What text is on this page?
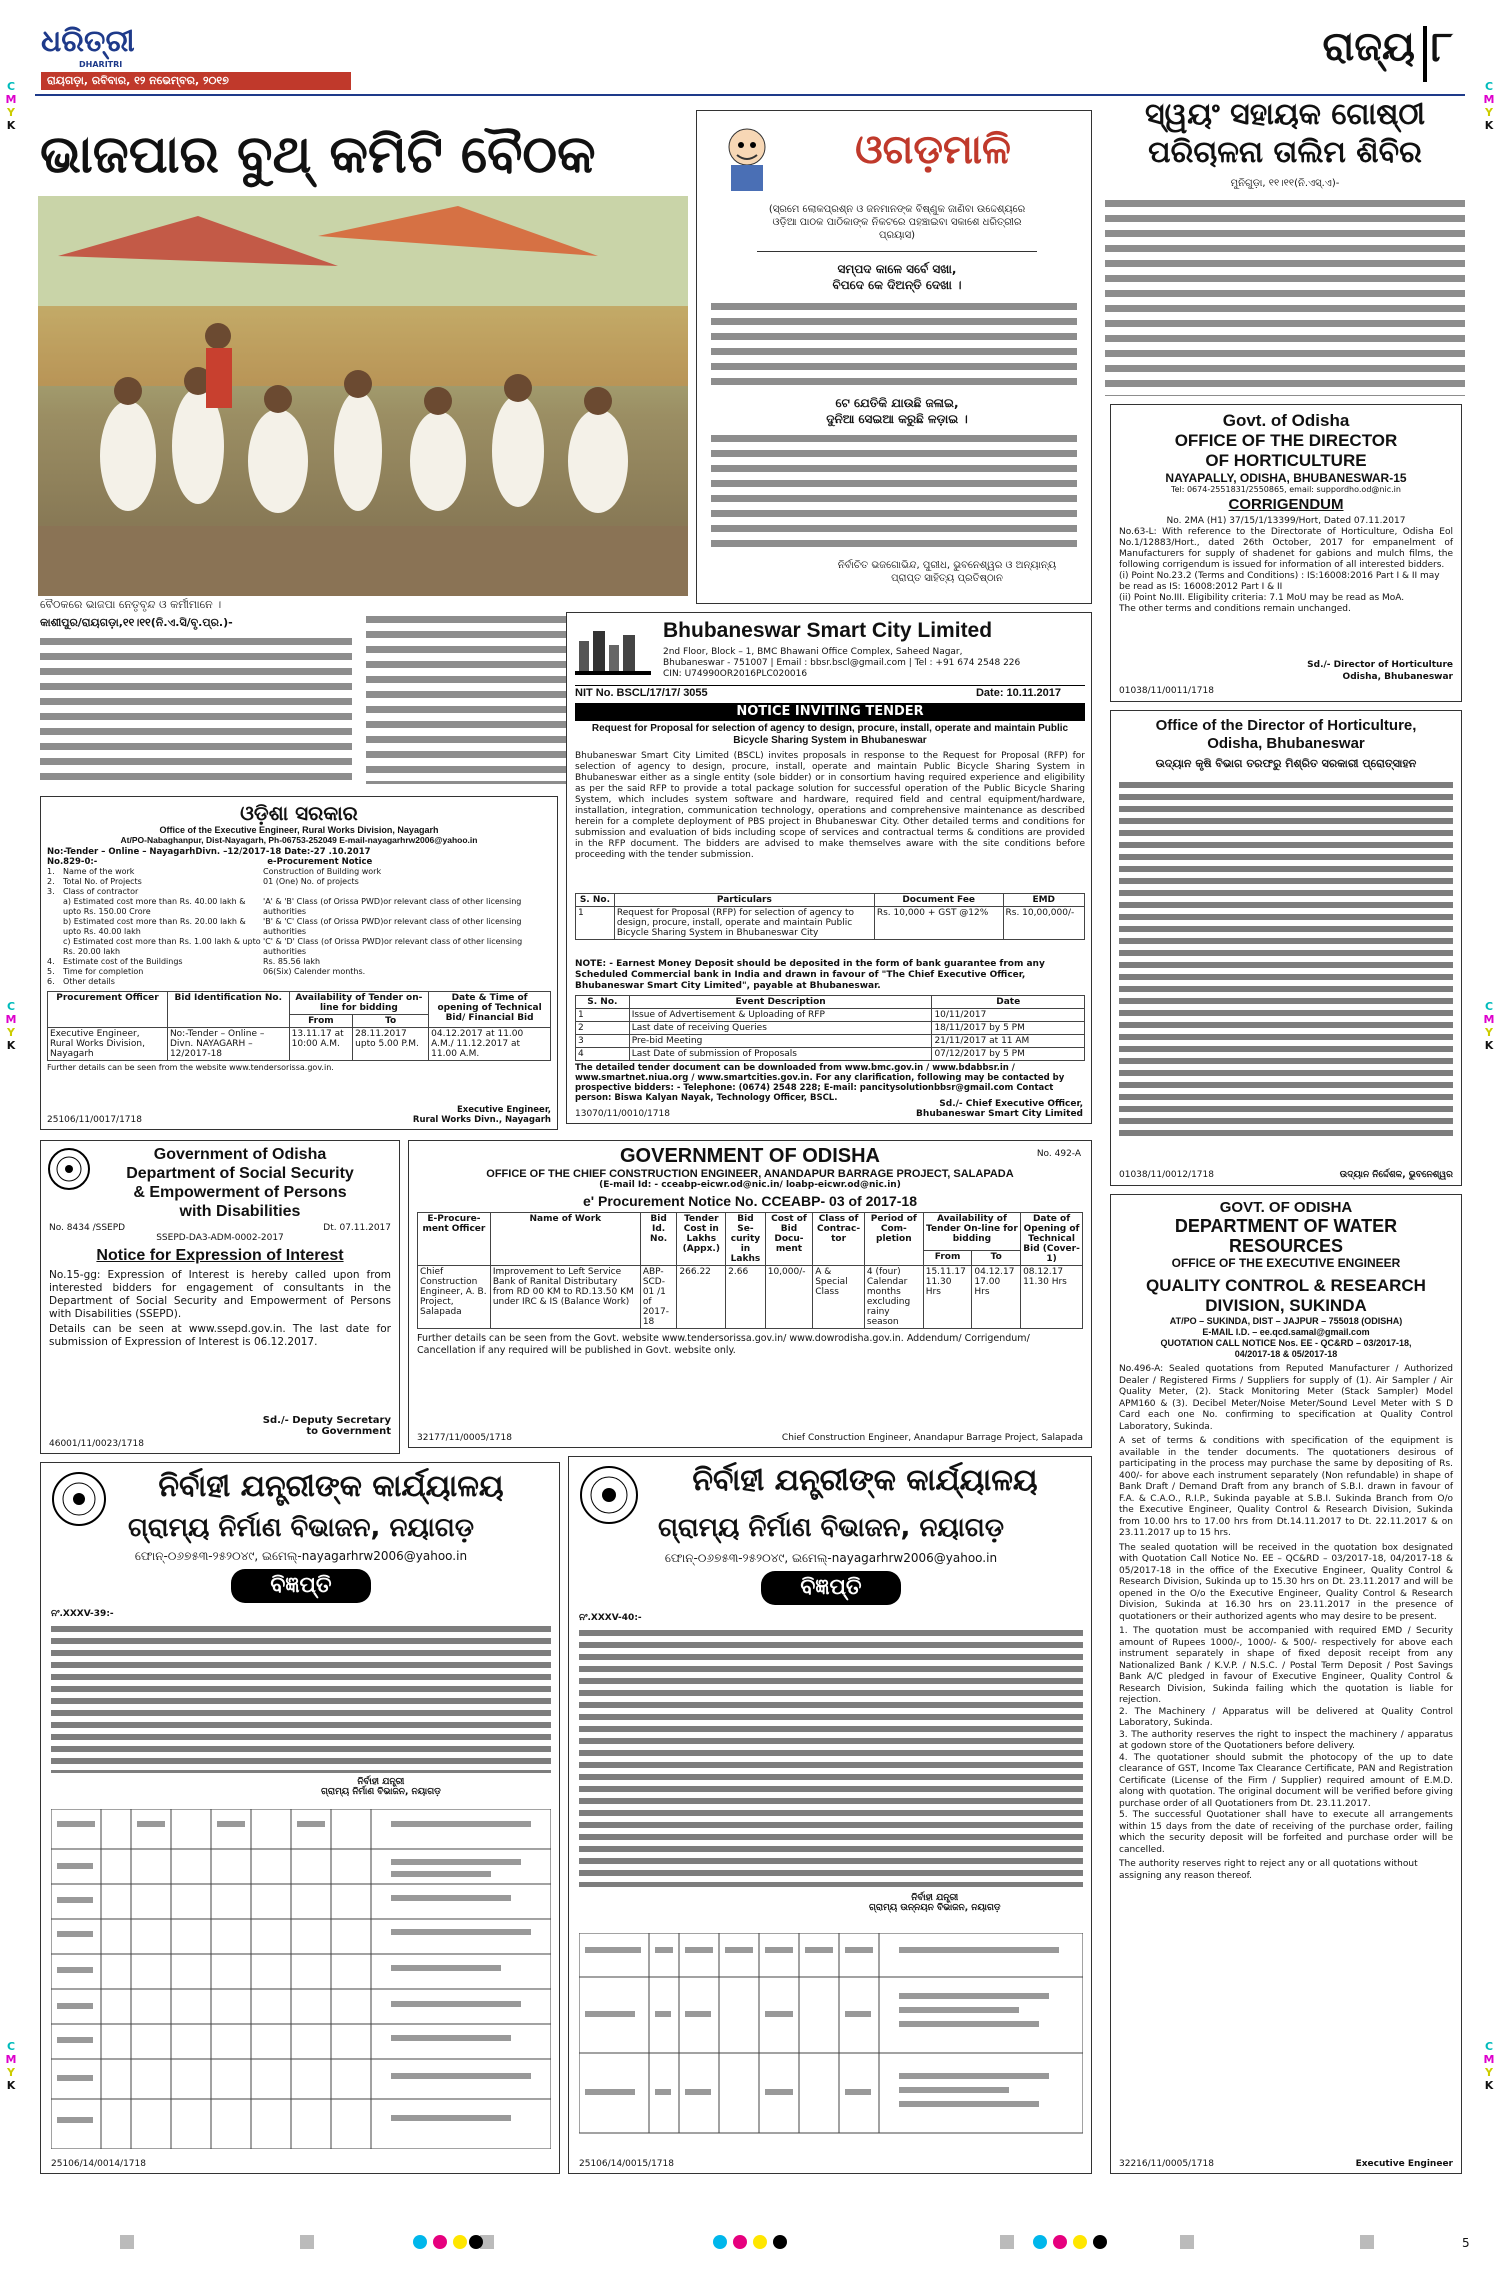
ଧରିତ୍ରୀ
DHARITRI
ରାୟଗଡ଼ା, ରବିବାର, ୧୨ ନଭେମ୍ବର, ୨୦୧୭
ରାଜ୍ୟ ୮
C
M
Y
K
C
M
Y
K
C
M
Y
K
C
M
Y
K
C
M
Y
K
C
M
Y
K
ଭାଜପାର ବୁଥ୍ କମିଟି ବୈଠକ
ବୈଠକରେ ଭାଜପା ନେତୃବୃନ୍ଦ ଓ କର୍ମୀମାନେ ।
କାଶୀପୁର/ରାୟଗଡ଼ା,୧୧।୧୧(ନି.ଏ.ସି/ବୃ.ପ୍ର.)-
ଓଗଡ଼ମାଳି
(ସ୍ରମେ ଲୋକପ୍ରଶ୍ନ ଓ ଜନମାନଙ୍କ ବିଷ୍ଣୁକ ଜାଣିବା ଉଦ୍ଦେଶ୍ୟରେ ଓଡ଼ିଆ ପାଠକ ପାଠିକାଙ୍କ ନିକଟରେ ପହଞ୍ଚାଇବା ସକାଶେ ଧରିତ୍ରୀର ପ୍ରୟାସ)
ସମ୍ପଦ କାଳେ ସର୍ବେ ସଖା,
ବିପଦେ କେ ଦିଅନ୍ତି ଦେଖା ।
ଟେ ଯେତିକି ଯାଉଛି ଜଳାଇ,
ଦୁନିଆ ସେଇଆ କରୁଛି ଳଡ଼ାଇ ।
ନିର୍ବାଚିତ ଭଜଗୋଭିନ୍ଦ, ପୁରୀଧ, ଭୁବନେଶ୍ୱର ଓ ଅନ୍ୟାନ୍ୟ
ପ୍ରାପ୍ତ ସାହିତ୍ୟ ପ୍ରତିଷ୍ଠାନ
ସ୍ୱୟଂ ସହାୟକ ଗୋଷ୍ଠୀ
ପରିଚାଳନା ତାଲିମ ଶିବିର
ମୁନିଗୁଡ଼ା, ୧୧।୧୧(ନି.ଏସ୍.ଏ)-
Govt. of Odisha
OFFICE OF THE DIRECTOR
OF HORTICULTURE
NAYAPALLY, ODISHA, BHUBANESWAR-15
Tel: 0674-2551831/2550865, email: suppordho.od@nic.in
CORRIGENDUM
No. 2MA (H1) 37/15/1/13399/Hort, Dated 07.11.2017
No.63-L: With reference to the Directorate of Horticulture, Odisha Eol No.1/12883/Hort., dated 26th October, 2017 for empanelment of Manufacturers for supply of shadenet for gabions and mulch films, the following corrigendum is issued for information of all interested bidders.
(i) Point No.23.2 (Terms and Conditions) : IS:16008:2016 Part I & II may be read as IS: 16008:2012 Part I & II
(ii) Point No.III. Eligibility criteria: 7.1 MoU may be read as MoA.
The other terms and conditions remain unchanged.
Sd./- Director of Horticulture
Odisha, Bhubaneswar
01038/11/0011/1718
Office of the Director of Horticulture,
Odisha, Bhubaneswar
ଉଦ୍ୟାନ କୃଷି ବିଭାଗ ତରଫରୁ ମିଶ୍ରିତ ସରକାରୀ ପ୍ରୋତ୍ସାହନ
01038/11/0012/1718	ଉଦ୍ୟାନ ନିର୍ଦ୍ଦେଶକ, ଭୁବନେଶ୍ୱର
Bhubaneswar Smart City Limited
2nd Floor, Block – 1, BMC Bhawani Office Complex, Saheed Nagar,
Bhubaneswar - 751007 | Email : bbsr.bscl@gmail.com | Tel : +91 674 2548 226
CIN: U74990OR2016PLC020016
NIT No. BSCL/17/17/ 3055	Date: 10.11.2017
NOTICE INVITING TENDER
Request for Proposal for selection of agency to design, procure, install, operate and maintain Public Bicycle Sharing System in Bhubaneswar
Bhubaneswar Smart City Limited (BSCL) invites proposals in response to the Request for Proposal (RFP) for selection of agency to design, procure, install, operate and maintain Public Bicycle Sharing System in Bhubaneswar either as a single entity (sole bidder) or in consortium having required experience and eligibility as per the said RFP to provide a total package solution for successful operation of the Public Bicycle Sharing System, which includes system software and hardware, required field and central equipment/hardware, installation, integration, communication technology, operations and comprehensive maintenance as described herein for a complete deployment of PBS project in Bhubaneswar City. Other detailed terms and conditions for submission and evaluation of bids including scope of services and contractual terms & conditions are provided in the RFP document. The bidders are advised to make themselves aware with the site conditions before proceeding with the tender submission.
S. No.	Particulars	Document Fee	EMD
1	Request for Proposal (RFP) for selection of agency to design, procure, install, operate and maintain Public Bicycle Sharing System in Bhubaneswar City	Rs. 10,000 + GST @12%	Rs. 10,00,000/-
NOTE: - Earnest Money Deposit should be deposited in the form of bank guarantee from any Scheduled Commercial bank in India and drawn in favour of "The Chief Executive Officer, Bhubaneswar Smart City Limited", payable at Bhubaneswar.
S. No.	Event Description	Date
1	Issue of Advertisement & Uploading of RFP	10/11/2017
2	Last date of receiving Queries	18/11/2017 by 5 PM
3	Pre-bid Meeting	21/11/2017 at 11 AM
4	Last Date of submission of Proposals	07/12/2017 by 5 PM
The detailed tender document can be downloaded from www.bmc.gov.in / www.bdabbsr.in / www.smartnet.niua.org / www.smartcities.gov.in. For any clarification, following may be contacted by prospective bidders: - Telephone: (0674) 2548 228; E-mail: pancitysolutionbbsr@gmail.com Contact person: Biswa Kalyan Nayak, Technology Officer, BSCL.
13070/11/0010/1718
Sd./- Chief Executive Officer,
Bhubaneswar Smart City Limited
ଓଡ଼ିଶା ସରକାର
Office of the Executive Engineer, Rural Works Division, Nayagarh
At/PO-Nabaghanpur, Dist-Nayagarh, Ph-06753-252049 E-mail-nayagarhrw2006@yahoo.in
No:-Tender – Online – NayagarhDivn. –12/2017-18 Date:-27 .10.2017
No.829-0:-	e-Procurement Notice
1.	Name of the work	Construction of Building work
2.	Total No. of Projects	01 (One) No. of projects
3.	Class of contractor
a) Estimated cost more than Rs. 40.00 lakh & upto Rs. 150.00 Crore
'A' & 'B' Class (of Orissa PWD)or relevant class of other licensing authorities
b) Estimated cost more than Rs. 20.00 lakh & upto Rs. 40.00 lakh
'B' & 'C' Class (of Orissa PWD)or relevant class of other licensing authorities
c) Estimated cost more than Rs. 1.00 lakh & upto Rs. 20.00 lakh
'C' & 'D' Class (of Orissa PWD)or relevant class of other licensing authorities
4.	Estimate cost of the Buildings	Rs. 85.56 lakh
5.	Time for completion	06(Six) Calender months.
6.	Other details
Procurement Officer	Bid Identification No.	Availability of Tender on-line for bidding		Date & Time of opening of Technical Bid/ Financial Bid
		From	To	
Executive Engineer, Rural Works Division, Nayagarh	No:-Tender – Online – Divn. NAYAGARH – 12/2017-18	13.11.17 at 10:00 A.M.	28.11.2017 upto 5.00 P.M.	04.12.2017 at 11.00 A.M./ 11.12.2017 at 11.00 A.M.
Further details can be seen from the website www.tendersorissa.gov.in.
25106/11/0017/1718
Executive Engineer,
Rural Works Divn., Nayagarh
Government of Odisha
Department of Social Security
& Empowerment of Persons
with Disabilities
No. 8434 /SSEPD	Dt. 07.11.2017
SSEPD-DA3-ADM-0002-2017
Notice for Expression of Interest
No.15-gg: Expression of Interest is hereby called upon from interested bidders for engagement of consultants in the Department of Social Security and Empowerment of Persons with Disabilities (SSEPD).
Details can be seen at www.ssepd.gov.in. The last date for submission of Expression of Interest is 06.12.2017.
Sd./- Deputy Secretary
to Government
46001/11/0023/1718
GOVERNMENT OF ODISHA	No. 492-A
OFFICE OF THE CHIEF CONSTRUCTION ENGINEER, ANANDAPUR BARRAGE PROJECT, SALAPADA
(E-mail Id: - cceabp-eicwr.od@nic.in/ loabp-eicwr.od@nic.in)
e' Procurement Notice No. CCEABP- 03 of 2017-18
E-Procure- ment Officer	Name of Work	Bid Id. No.	Tender Cost in Lakhs (Appx.)	Bid Se- curity in Lakhs	Cost of Bid Docu- ment	Class of Contrac- tor	Period of Com- pletion	Availability of Tender On-line for bidding		Date of Opening of Technical Bid (Cover-1)
								From	To	
Chief Construction Engineer, A. B. Project, Salapada	Improvement to Left Service Bank of Ranital Distributary from RD 00 KM to RD.13.50 KM under IRC & IS (Balance Work)	ABP-SCD-01 /1 of 2017-18	266.22	2.66	10,000/-	A & Special Class	4 (four) Calendar months excluding rainy season	15.11.17 11.30 Hrs	04.12.17 17.00 Hrs	08.12.17 11.30 Hrs
Further details can be seen from the Govt. website www.tendersorissa.gov.in/ www.dowrodisha.gov.in. Addendum/ Corrigendum/ Cancellation if any required will be published in Govt. website only.
32177/11/0005/1718	Chief Construction Engineer, Anandapur Barrage Project, Salapada
ନିର୍ବାହୀ ଯନ୍ତ୍ରୀଙ୍କ କାର୍ଯ୍ୟାଳୟ
ଗ୍ରାମ୍ୟ ନିର୍ମାଣ ବିଭାଜନ, ନୟାଗଡ଼
ଫୋନ୍-୦୬୭୫୩-୨୫୨୦୪୯, ଇମେଲ୍-nayagarhrw2006@yahoo.in
ବିଜ୍ଞପ୍ତି
ନଂ.XXXV-39:-
ନିର୍ବାହୀ ଯନ୍ତ୍ରୀ
ଗ୍ରାମ୍ୟ ନିର୍ମାଣ ବିଭାଜନ, ନୟାଗଡ଼
25106/14/0014/1718
ନିର୍ବାହୀ ଯନ୍ତ୍ରୀଙ୍କ କାର୍ଯ୍ୟାଳୟ
ଗ୍ରାମ୍ୟ ନିର୍ମାଣ ବିଭାଜନ, ନୟାଗଡ଼
ଫୋନ୍-୦୬୭୫୩-୨୫୨୦୪୯, ଇମେଲ୍-nayagarhrw2006@yahoo.in
ବିଜ୍ଞପ୍ତି
ନଂ.XXXV-40:-
ନିର୍ବାହୀ ଯନ୍ତ୍ରୀ
ଗ୍ରାମ୍ୟ ଉନ୍ନୟନ ବିଭାଜନ, ନୟାଗଡ଼
25106/14/0015/1718
GOVT. OF ODISHA
DEPARTMENT OF WATER RESOURCES
OFFICE OF THE EXECUTIVE ENGINEER
QUALITY CONTROL & RESEARCH
DIVISION, SUKINDA
AT/PO – SUKINDA, DIST – JAJPUR – 755018 (ODISHA)
E-MAIL I.D. – ee.qcd.samal@gmail.com
QUOTATION CALL NOTICE Nos. EE - QC&RD – 03/2017-18,
04/2017-18 & 05/2017-18
No.496-A: Sealed quotations from Reputed Manufacturer / Authorized Dealer / Registered Firms / Suppliers for supply of (1). Air Sampler / Air Quality Meter, (2). Stack Monitoring Meter (Stack Sampler) Model APM160 & (3). Decibel Meter/Noise Meter/Sound Level Meter with S D Card each one No. confirming to specification at Quality Control Laboratory, Sukinda.
A set of terms & conditions with specification of the equipment is available in the tender documents. The quotationers desirous of participating in the process may purchase the same by depositing of Rs. 400/- for above each instrument separately (Non refundable) in shape of Bank Draft / Demand Draft from any branch of S.B.I. drawn in favour of F.A. & C.A.O., R.I.P., Sukinda payable at S.B.I. Sukinda Branch from O/o the Executive Engineer, Quality Control & Research Division, Sukinda from 10.00 hrs to 17.00 hrs from Dt.14.11.2017 to Dt. 22.11.2017 & on 23.11.2017 up to 15 hrs.
The sealed quotation will be received in the quotation box designated with Quotation Call Notice No. EE – QC&RD – 03/2017-18, 04/2017-18 & 05/2017-18 in the office of the Executive Engineer, Quality Control & Research Division, Sukinda up to 15.30 hrs on Dt. 23.11.2017 and will be opened in the O/o the Executive Engineer, Quality Control & Research Division, Sukinda at 16.30 hrs on 23.11.2017 in the presence of quotationers or their authorized agents who may desire to be present.
1. The quotation must be accompanied with required EMD / Security amount of Rupees 1000/-, 1000/- & 500/- respectively for above each instrument separately in shape of fixed deposit receipt from any Nationalized Bank / K.V.P. / N.S.C. / Postal Term Deposit / Post Savings Bank A/C pledged in favour of Executive Engineer, Quality Control & Research Division, Sukinda failing which the quotation is liable for rejection.
2. The Machinery / Apparatus will be delivered at Quality Control Laboratory, Sukinda.
3. The authority reserves the right to inspect the machinery / apparatus at godown store of the Quotationers before delivery.
4. The quotationer should submit the photocopy of the up to date clearance of GST, Income Tax Clearance Certificate, PAN and Registration Certificate (License of the Firm / Supplier) required amount of E.M.D. along with quotation. The original document will be verified before giving purchase order of all Quotationers from Dt. 23.11.2017.
5. The successful Quotationer shall have to execute all arrangements within 15 days from the date of receiving of the purchase order, failing which the security deposit will be forfeited and purchase order will be cancelled.
The authority reserves right to reject any or all quotations without assigning any reason thereof.
32216/11/0005/1718	Executive Engineer
5
